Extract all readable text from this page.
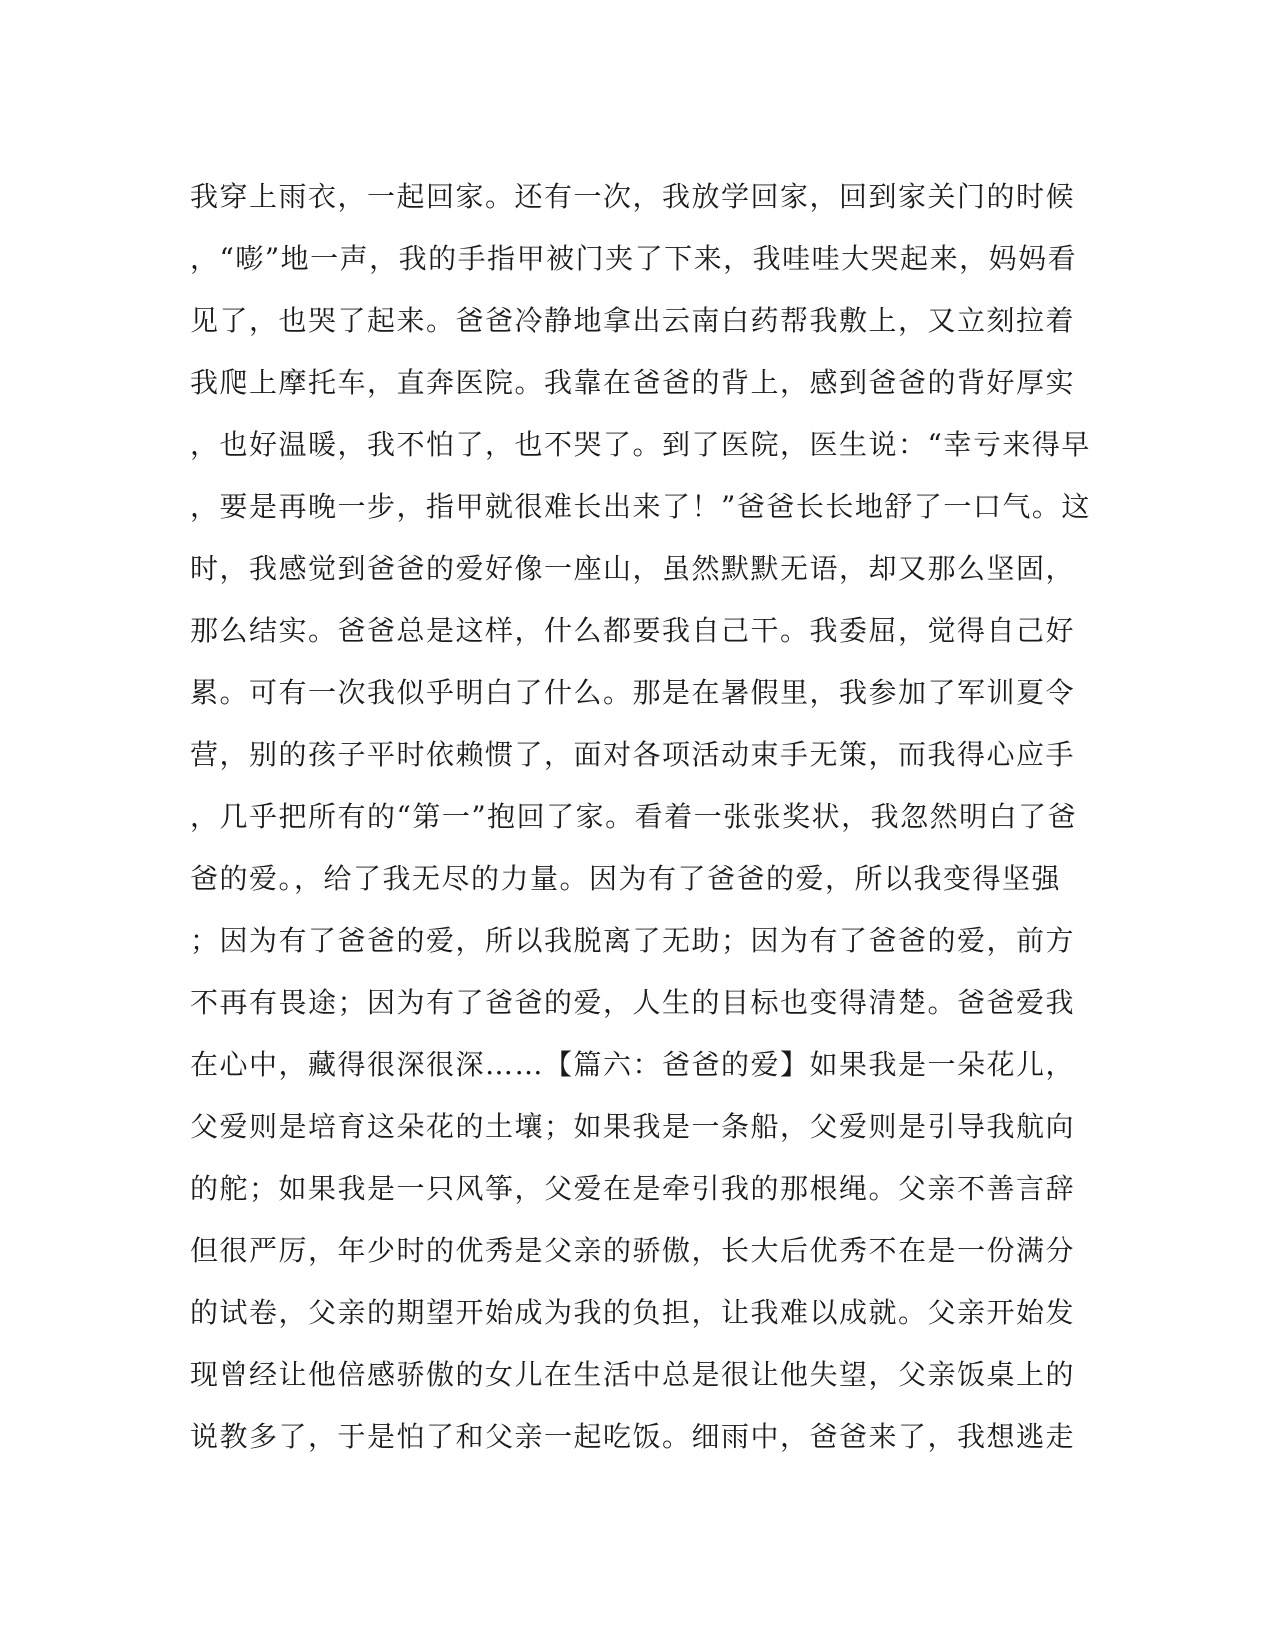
我穿上雨衣，一起回家。还有一次，我放学回家，回到家关门的时候
，“嘭”地一声，我的手指甲被门夹了下来，我哇哇大哭起来，妈妈看
见了，也哭了起来。爸爸冷静地拿出云南白药帮我敷上，又立刻拉着
我爬上摩托车，直奔医院。我靠在爸爸的背上，感到爸爸的背好厚实
，也好温暖，我不怕了，也不哭了。到了医院，医生说：“幸亏来得早
，要是再晚一步，指甲就很难长出来了！”爸爸长长地舒了一口气。这
时，我感觉到爸爸的爱好像一座山，虽然默默无语，却又那么坚固，
那么结实。爸爸总是这样，什么都要我自己干。我委屈，觉得自己好
累。可有一次我似乎明白了什么。那是在暑假里，我参加了军训夏令
营，别的孩子平时依赖惯了，面对各项活动束手无策，而我得心应手
，几乎把所有的“第一”抱回了家。看着一张张奖状，我忽然明白了爸
爸的爱。，给了我无尽的力量。因为有了爸爸的爱，所以我变得坚强
；因为有了爸爸的爱，所以我脱离了无助；因为有了爸爸的爱，前方
不再有畏途；因为有了爸爸的爱，人生的目标也变得清楚。爸爸爱我
在心中，藏得很深很深……【篇六：爸爸的爱】如果我是一朵花儿，
父爱则是培育这朵花的土壤；如果我是一条船，父爱则是引导我航向
的舵；如果我是一只风筝，父爱在是牵引我的那根绳。父亲不善言辞
但很严厉，年少时的优秀是父亲的骄傲，长大后优秀不在是一份满分
的试卷，父亲的期望开始成为我的负担，让我难以成就。父亲开始发
现曾经让他倍感骄傲的女儿在生活中总是很让他失望，父亲饭桌上的
说教多了，于是怕了和父亲一起吃饭。细雨中，爸爸来了，我想逃走
